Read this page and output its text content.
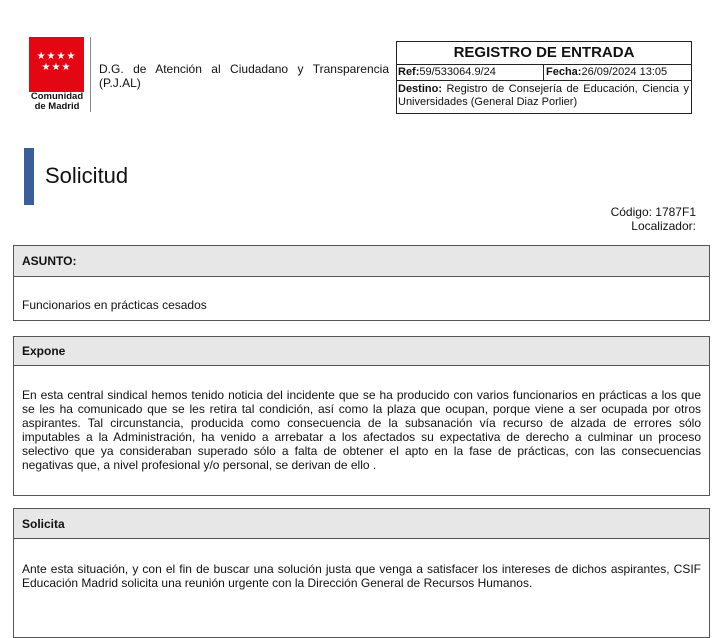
★★★★ ★★★
Comunidad
de Madrid
D.G. de Atención al Ciudadano y Transparencia (P.J.AL)
REGISTRO DE ENTRADA
Ref:59/533064.9/24	Fecha:26/09/2024 13:05
Destino: Registro de Consejería de Educación, Ciencia y Universidades (General Diaz Porlier)
Solicitud
Código: 1787F1
Localizador:
ASUNTO:
Funcionarios en prácticas cesados
Expone
En esta central sindical hemos tenido noticia del incidente que se ha producido con varios funcionarios en prácticas a los que se les ha comunicado que se les retira tal condición, así como la plaza que ocupan, porque viene a ser ocupada por otros aspirantes. Tal circunstancia, producida como consecuencia de la subsanación vía recurso de alzada de errores sólo imputables a la Administración, ha venido a arrebatar a los afectados su expectativa de derecho a culminar un proceso selectivo que ya consideraban superado sólo a falta de obtener el apto en la fase de prácticas, con las consecuencias negativas que, a nivel profesional y/o personal, se derivan de ello .
Solicita
Ante esta situación, y con el fin de buscar una solución justa que venga a satisfacer los intereses de dichos aspirantes, CSIF Educación Madrid solicita una reunión urgente con la Dirección General de Recursos Humanos.
